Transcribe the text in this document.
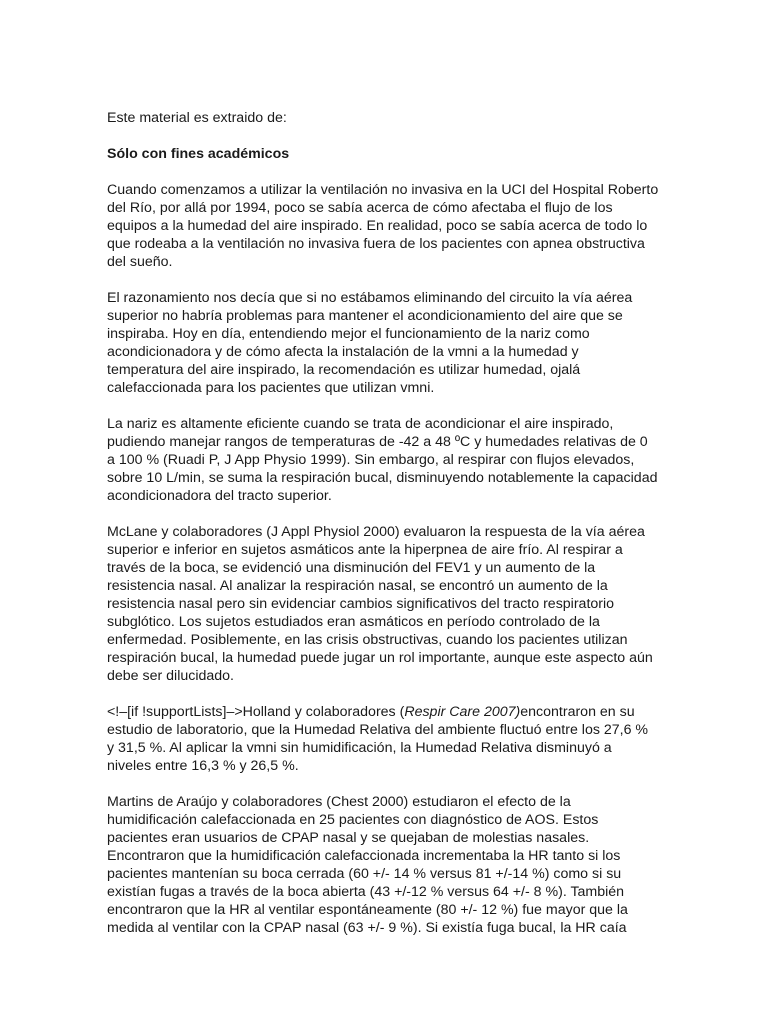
Este material es extraido de:

Sólo con fines académicos

Cuando comenzamos a utilizar la ventilación no invasiva en la UCI del Hospital Roberto del Río, por allá por 1994, poco se sabía acerca de cómo afectaba el flujo de los equipos a la humedad del aire inspirado. En realidad, poco se sabía acerca de todo lo que rodeaba a la ventilación no invasiva fuera de los pacientes con apnea obstructiva del sueño.

El razonamiento nos decía que si no estábamos eliminando del circuito la vía aérea superior no habría problemas para mantener el acondicionamiento del aire que se inspiraba. Hoy en día, entendiendo mejor el funcionamiento de la nariz como acondicionadora y de cómo afecta la instalación de la vmni a la humedad y temperatura del aire inspirado, la recomendación es utilizar humedad, ojalá calefaccionada para los pacientes que utilizan vmni.

La nariz es altamente eficiente cuando se trata de acondicionar el aire inspirado, pudiendo manejar rangos de temperaturas de -42 a 48 ºC y humedades relativas de 0 a 100 % (Ruadi P, J App Physio 1999). Sin embargo, al respirar con flujos elevados, sobre 10 L/min, se suma la respiración bucal, disminuyendo notablemente la capacidad acondicionadora del tracto superior.

McLane y colaboradores (J Appl Physiol 2000) evaluaron la respuesta de la vía aérea superior e inferior en sujetos asmáticos ante la hiperpnea de aire frío. Al respirar a través de la boca, se evidenció una disminución del FEV1 y un aumento de la resistencia nasal. Al analizar la respiración nasal, se encontró un aumento de la resistencia nasal pero sin evidenciar cambios significativos del tracto respiratorio subglótico. Los sujetos estudiados eran asmáticos en período controlado de la enfermedad. Posiblemente, en las crisis obstructivas, cuando los pacientes utilizan respiración bucal, la humedad puede jugar un rol importante, aunque este aspecto aún debe ser dilucidado.

<!–[if !supportLists]–>Holland y colaboradores (Respir Care 2007)encontraron en su estudio de laboratorio, que la Humedad Relativa del ambiente fluctuó entre los 27,6 % y 31,5 %. Al aplicar la vmni sin humidificación, la Humedad Relativa disminuyó a niveles entre 16,3 % y 26,5 %.

Martins de Araújo y colaboradores (Chest 2000) estudiaron el efecto de la humidificación calefaccionada en 25 pacientes con diagnóstico de AOS. Estos pacientes eran usuarios de CPAP nasal y se quejaban de molestias nasales. Encontraron que la humidificación calefaccionada incrementaba la HR tanto si los pacientes mantenían su boca cerrada (60 +/- 14 % versus 81 +/-14 %) como si su existían fugas a través de la boca abierta (43 +/-12 % versus 64 +/- 8 %). También encontraron que la HR al ventilar espontáneamente (80 +/- 12 %) fue mayor que la medida al ventilar con la CPAP nasal (63 +/- 9 %). Si existía fuga bucal, la HR caía
